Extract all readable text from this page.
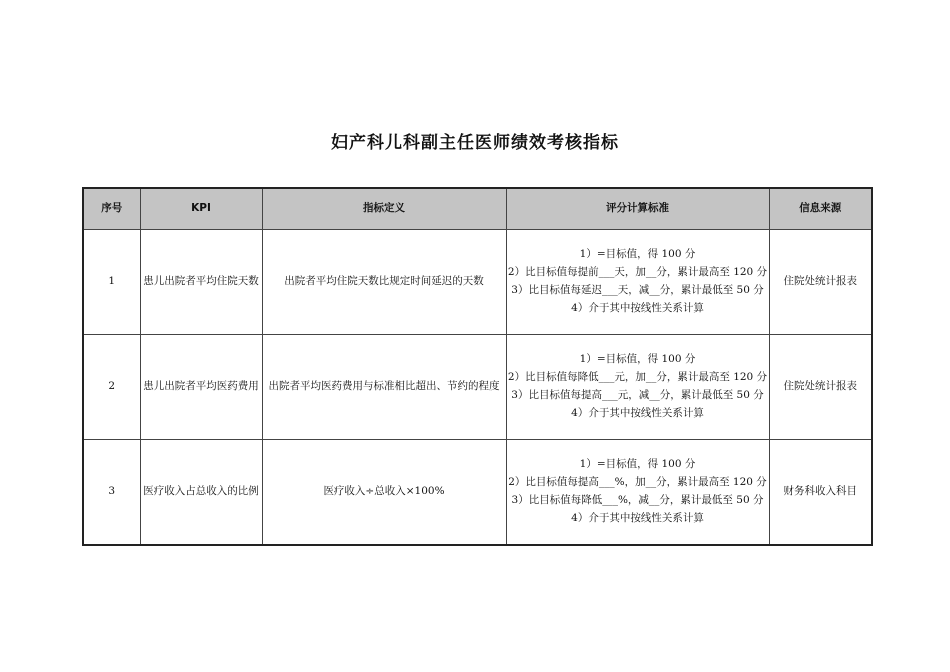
妇产科儿科副主任医师绩效考核指标
序号	KPI	指标定义	评分计算标准	信息来源
1	患儿出院者平均住院天数	出院者平均住院天数比规定时间延迟的天数	1）=目标值，得 100 分
2）比目标值每提前___天，加__分，累计最高至 120 分
3）比目标值每延迟___天，减__分，累计最低至 50 分
4）介于其中按线性关系计算	住院处统计报表
2	患儿出院者平均医药费用	出院者平均医药费用与标准相比超出、节约的程度	1）=目标值，得 100 分
2）比目标值每降低___元，加__分，累计最高至 120 分
3）比目标值每提高___元，减__分，累计最低至 50 分
4）介于其中按线性关系计算	住院处统计报表
3	医疗收入占总收入的比例	医疗收入÷总收入×100%	1）=目标值，得 100 分
2）比目标值每提高___%，加__分，累计最高至 120 分
3）比目标值每降低___%，减__分，累计最低至 50 分
4）介于其中按线性关系计算	财务科收入科目
